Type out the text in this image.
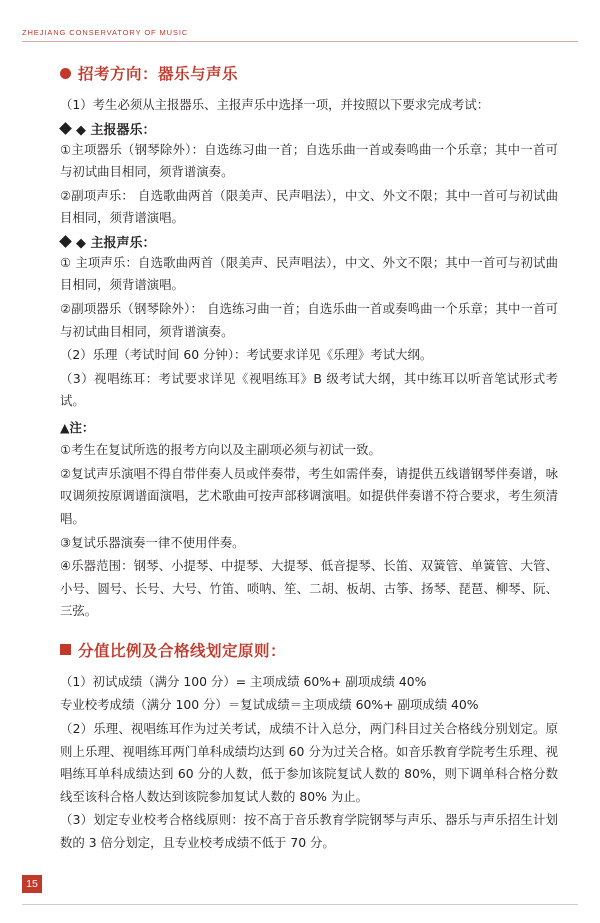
ZHEJIANG CONSERVATORY OF MUSIC
招考方向：器乐与声乐

（1）考生必须从主报器乐、主报声乐中选择一项，并按照以下要求完成考试：

◆ 主报器乐：

①主项器乐（钢琴除外）：自选练习曲一首；自选乐曲一首或奏鸣曲一个乐章；其中一首可与初试曲目相同，须背谱演奏。

②副项声乐： 自选歌曲两首（限美声、民声唱法），中文、外文不限；其中一首可与初试曲目相同，须背谱演唱。

◆ 主报声乐：

① 主项声乐：自选歌曲两首（限美声、民声唱法），中文、外文不限；其中一首可与初试曲目相同，须背谱演唱。

②副项器乐（钢琴除外）： 自选练习曲一首；自选乐曲一首或奏鸣曲一个乐章；其中一首可与初试曲目相同，须背谱演奏。

（2）乐理（考试时间 60 分钟）：考试要求详见《乐理》考试大纲。

（3）视唱练耳：考试要求详见《视唱练耳》B 级考试大纲，其中练耳以听音笔试形式考试。

▲注：

①考生在复试所选的报考方向以及主副项必须与初试一致。

②复试声乐演唱不得自带伴奏人员或伴奏带，考生如需伴奏，请提供五线谱钢琴伴奏谱，咏叹调须按原调谱面演唱，艺术歌曲可按声部移调演唱。如提供伴奏谱不符合要求，考生须清唱。

③复试乐器演奏一律不使用伴奏。

④乐器范围：钢琴、小提琴、中提琴、大提琴、低音提琴、长笛、双簧管、单簧管、大管、小号、圆号、长号、大号、竹笛、唢呐、笙、二胡、板胡、古筝、扬琴、琵琶、柳琴、阮、三弦。

分值比例及合格线划定原则：

（1）初试成绩（满分 100 分）= 主项成绩 60%+ 副项成绩 40%

专业校考成绩（满分 100 分）＝复试成绩＝主项成绩 60%+ 副项成绩 40%

（2）乐理、视唱练耳作为过关考试，成绩不计入总分，两门科目过关合格线分别划定。原则上乐理、视唱练耳两门单科成绩均达到 60 分为过关合格。如音乐教育学院考生乐理、视唱练耳单科成绩达到 60 分的人数，低于参加该院复试人数的 80%，则下调单科合格分数线至该科合格人数达到该院参加复试人数的 80% 为止。

（3）划定专业校考合格线原则：按不高于音乐教育学院钢琴与声乐、器乐与声乐招生计划数的 3 倍分划定，且专业校考成绩不低于 70 分。

15
